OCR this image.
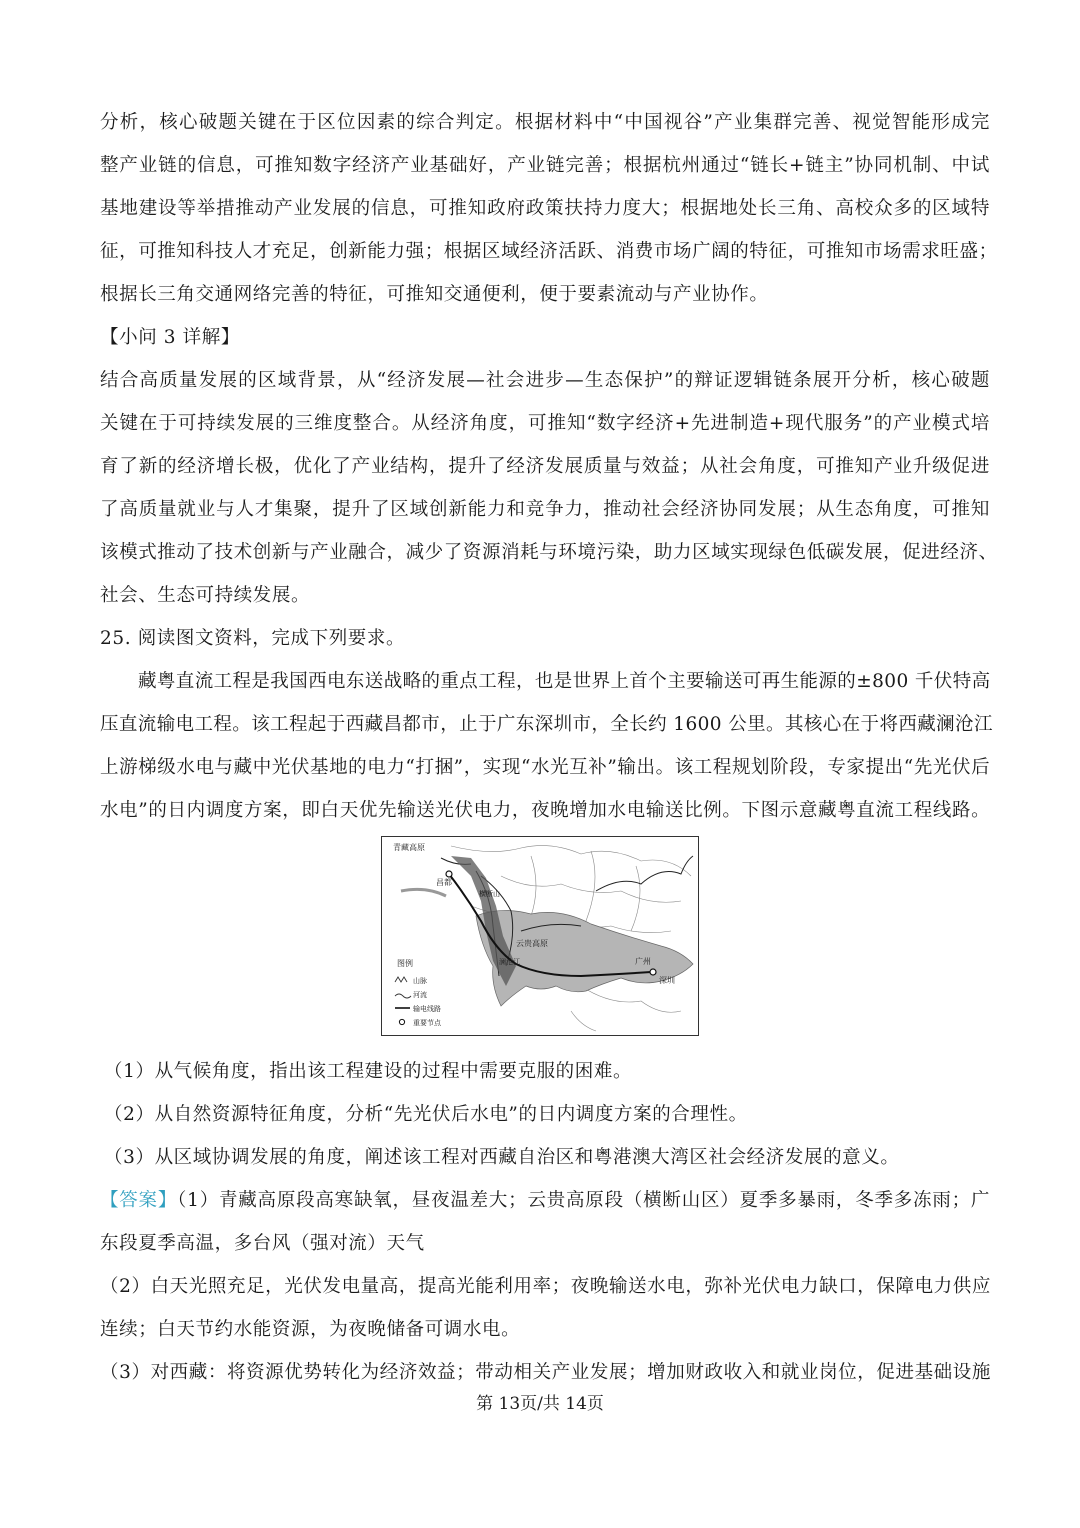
分析，核心破题关键在于区位因素的综合判定。根据材料中“中国视谷”产业集群完善、视觉智能形成完
整产业链的信息，可推知数字经济产业基础好，产业链完善；根据杭州通过“链长+链主”协同机制、中试
基地建设等举措推动产业发展的信息，可推知政府政策扶持力度大；根据地处长三角、高校众多的区域特
征，可推知科技人才充足，创新能力强；根据区域经济活跃、消费市场广阔的特征，可推知市场需求旺盛；
根据长三角交通网络完善的特征，可推知交通便利，便于要素流动与产业协作。
【小问 3 详解】
结合高质量发展的区域背景，从“经济发展—社会进步—生态保护”的辩证逻辑链条展开分析，核心破题
关键在于可持续发展的三维度整合。从经济角度，可推知“数字经济+先进制造+现代服务”的产业模式培
育了新的经济增长极，优化了产业结构，提升了经济发展质量与效益；从社会角度，可推知产业升级促进
了高质量就业与人才集聚，提升了区域创新能力和竞争力，推动社会经济协同发展；从生态角度，可推知
该模式推动了技术创新与产业融合，减少了资源消耗与环境污染，助力区域实现绿色低碳发展，促进经济、
社会、生态可持续发展。
25. 阅读图文资料，完成下列要求。
藏粤直流工程是我国西电东送战略的重点工程，也是世界上首个主要输送可再生能源的±800 千伏特高
压直流输电工程。该工程起于西藏昌都市，止于广东深圳市，全长约 1600 公里。其核心在于将西藏澜沧江
上游梯级水电与藏中光伏基地的电力“打捆”，实现“水光互补”输出。该工程规划阶段，专家提出“先光伏后
水电”的日内调度方案，即白天优先输送光伏电力，夜晚增加水电输送比例。下图示意藏粤直流工程线路。
青藏高原
昌都
横断山
云贵高原
澜沧江	广州
深圳
图例
山脉
河流
输电线路
重要节点
（1）从气候角度，指出该工程建设的过程中需要克服的困难。
（2）从自然资源特征角度，分析“先光伏后水电”的日内调度方案的合理性。
（3）从区域协调发展的角度，阐述该工程对西藏自治区和粤港澳大湾区社会经济发展的意义。
【答案】（1）青藏高原段高寒缺氧，昼夜温差大；云贵高原段（横断山区）夏季多暴雨，冬季多冻雨；广
东段夏季高温，多台风（强对流）天气
（2）白天光照充足，光伏发电量高，提高光能利用率；夜晚输送水电，弥补光伏电力缺口，保障电力供应
连续；白天节约水能资源，为夜晚储备可调水电。
（3）对西藏：将资源优势转化为经济效益；带动相关产业发展；增加财政收入和就业岗位，促进基础设施
第 13页/共 14页
